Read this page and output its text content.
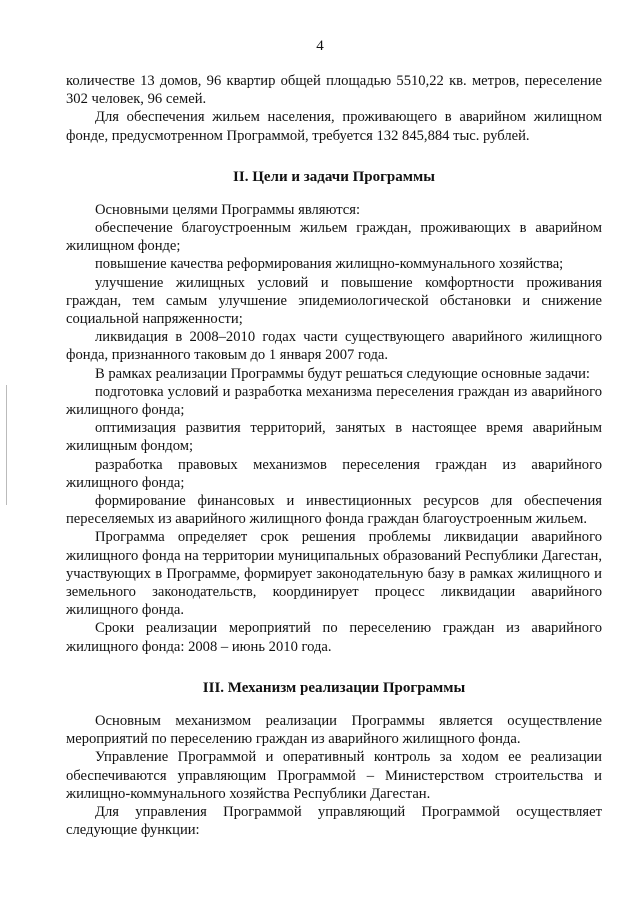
4

количестве 13 домов, 96 квартир общей площадью 5510,22 кв. метров, переселение 302 человек, 96 семей.

Для обеспечения жильем населения, проживающего в аварийном жилищном фонде, предусмотренном Программой, требуется 132 845,884 тыс. рублей.

II. Цели и задачи Программы

Основными целями Программы являются:

обеспечение благоустроенным жильем граждан, проживающих в аварийном жилищном фонде;

повышение качества реформирования жилищно-коммунального хозяйства;

улучшение жилищных условий и повышение комфортности проживания граждан, тем самым улучшение эпидемиологической обстановки и снижение социальной напряженности;

ликвидация в 2008–2010 годах части существующего аварийного жилищного фонда, признанного таковым до 1 января 2007 года.

В рамках реализации Программы будут решаться следующие основные задачи:

подготовка условий и разработка механизма переселения граждан из аварийного жилищного фонда;

оптимизация развития территорий, занятых в настоящее время аварийным жилищным фондом;

разработка правовых механизмов переселения граждан из аварийного жилищного фонда;

формирование финансовых и инвестиционных ресурсов для обеспечения переселяемых из аварийного жилищного фонда граждан благоустроенным жильем.

Программа определяет срок решения проблемы ликвидации аварийного жилищного фонда на территории муниципальных образований Республики Дагестан, участвующих в Программе, формирует законодательную базу в рамках жилищного и земельного законодательств, координирует процесс ликвидации аварийного жилищного фонда.

Сроки реализации мероприятий по переселению граждан из аварийного жилищного фонда: 2008 – июнь 2010 года.

III. Механизм реализации Программы

Основным механизмом реализации Программы является осуществление мероприятий по переселению граждан из аварийного жилищного фонда.

Управление Программой и оперативный контроль за ходом ее реализации обеспечиваются управляющим Программой – Министерством строительства и жилищно-коммунального хозяйства Республики Дагестан.

Для управления Программой управляющий Программой осуществляет следующие функции:
